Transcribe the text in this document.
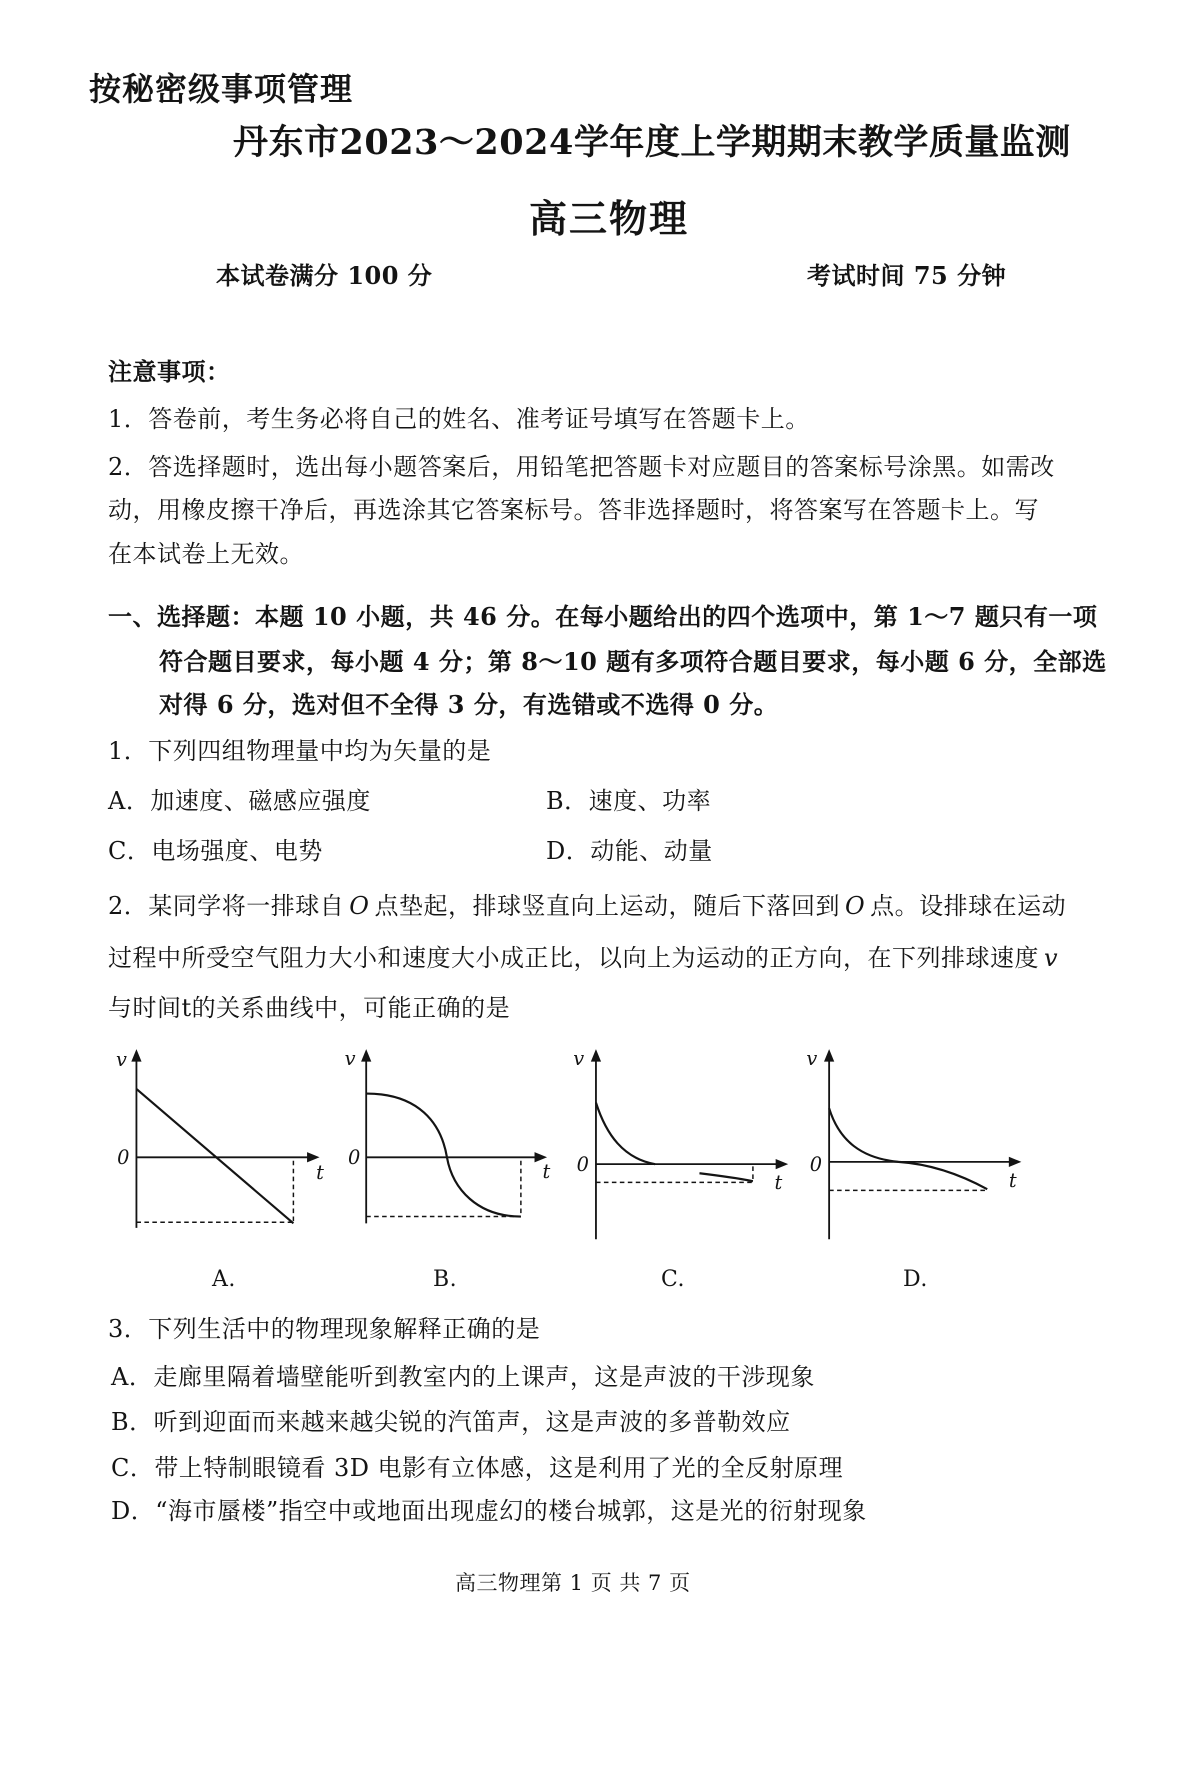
按秘密级事项管理
丹东市2023～2024学年度上学期期末教学质量监测
高三物理
本试卷满分 100 分	考试时间 75 分钟
注意事项：
1．答卷前，考生务必将自己的姓名、准考证号填写在答题卡上。
2．答选择题时，选出每小题答案后，用铅笔把答题卡对应题目的答案标号涂黑。如需改
动，用橡皮擦干净后，再选涂其它答案标号。答非选择题时，将答案写在答题卡上。写
在本试卷上无效。
一、选择题：本题 10 小题，共 46 分。在每小题给出的四个选项中，第 1～7 题只有一项
符合题目要求，每小题 4 分；第 8～10 题有多项符合题目要求，每小题 6 分，全部选
对得 6 分，选对但不全得 3 分，有选错或不选得 0 分。
1．下列四组物理量中均为矢量的是
A．加速度、磁感应强度	B．速度、功率
C．电场强度、电势	D．动能、动量
2．某同学将一排球自 O 点垫起，排球竖直向上运动，随后下落回到 O 点。设排球在运动
过程中所受空气阻力大小和速度大小成正比，以向上为运动的正方向，在下列排球速度 v
与时间t的关系曲线中，可能正确的是
v
0
t
v
0
t
v
0
t
v
0
t
A.	B.	C.	D.
3．下列生活中的物理现象解释正确的是
A．走廊里隔着墙壁能听到教室内的上课声，这是声波的干涉现象
B．听到迎面而来越来越尖锐的汽笛声，这是声波的多普勒效应
C．带上特制眼镜看 3D 电影有立体感，这是利用了光的全反射原理
D．“海市蜃楼”指空中或地面出现虚幻的楼台城郭，这是光的衍射现象
高三物理第 1 页 共 7 页
